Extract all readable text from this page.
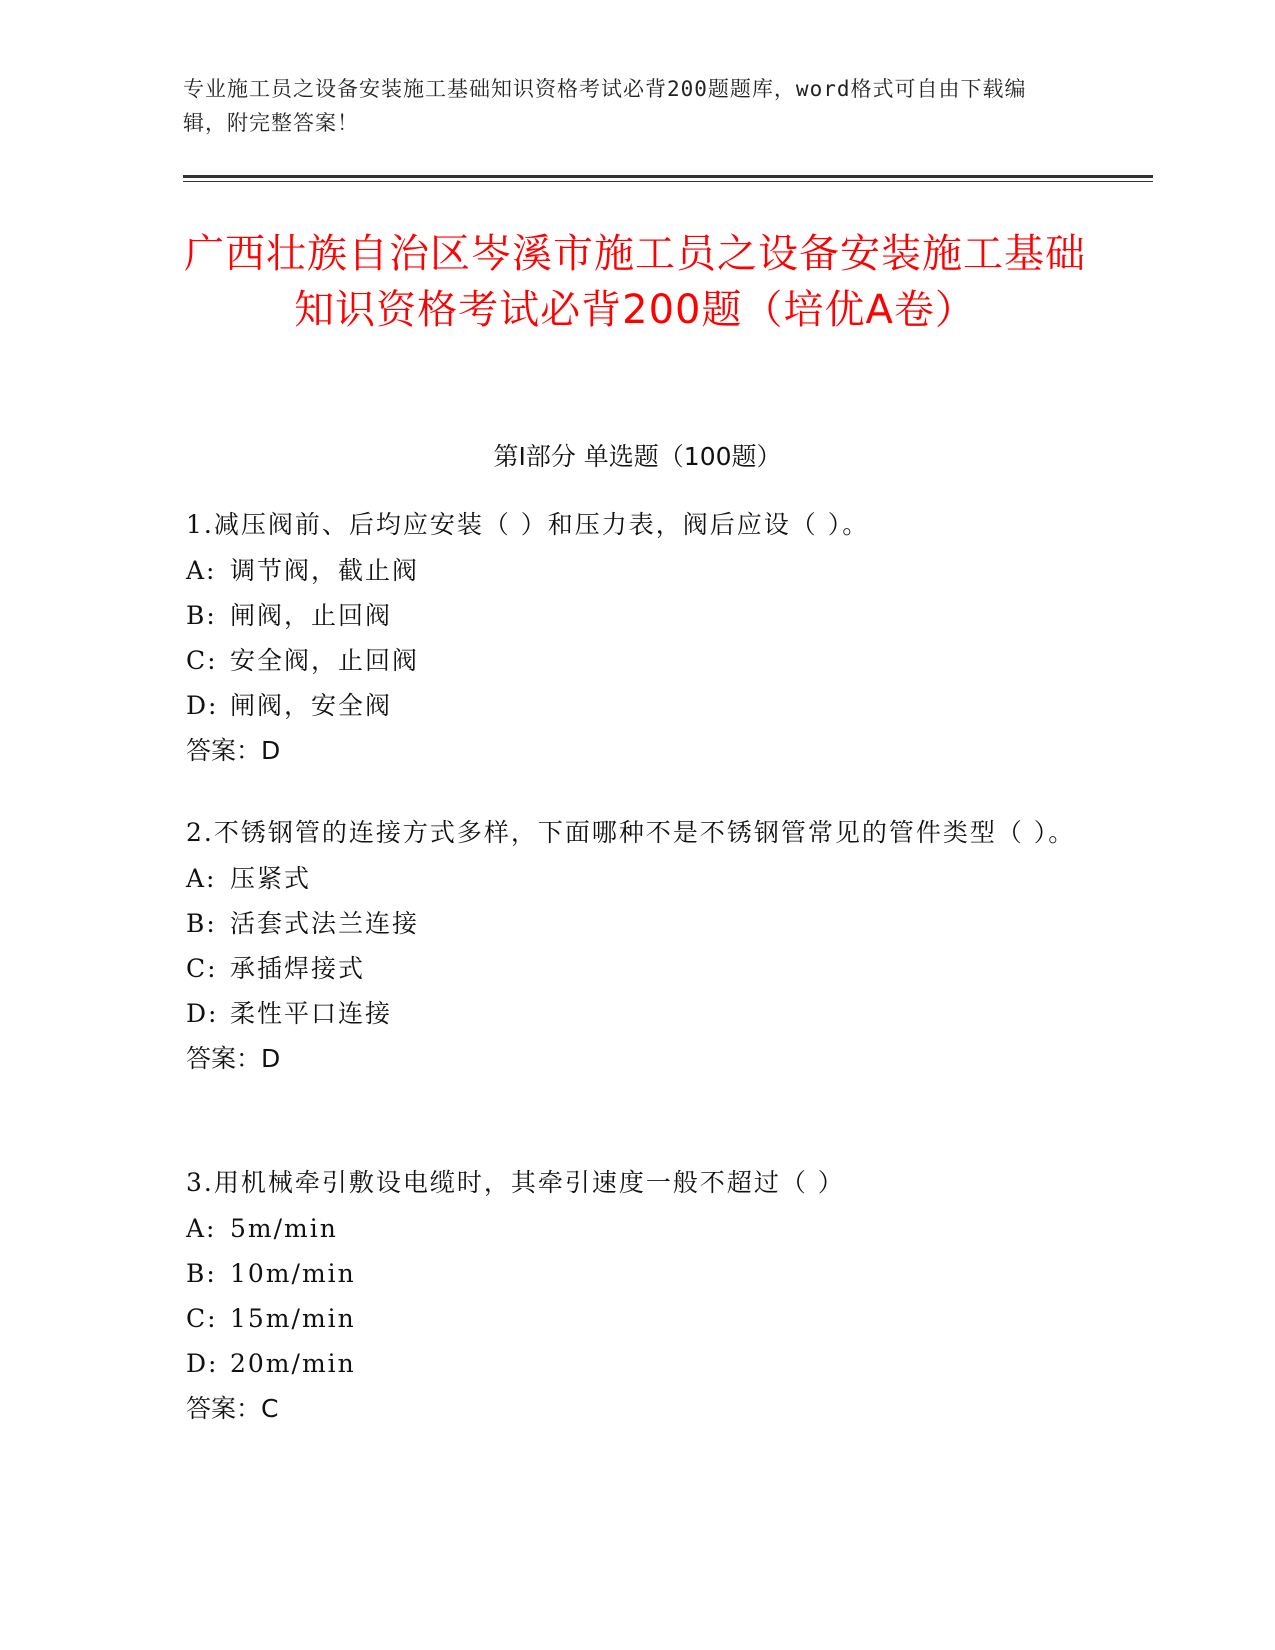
专业施工员之设备安装施工基础知识资格考试必背200题题库，word格式可自由下载编辑，附完整答案！
广西壮族自治区岑溪市施工员之设备安装施工基础知识资格考试必背200题（培优A卷）
第Ⅰ部分 单选题（100题）
1.减压阀前、后均应安装（ ）和压力表，阀后应设（ ）。
A: 调节阀，截止阀
B: 闸阀，止回阀
C: 安全阀，止回阀
D: 闸阀，安全阀
答案：D
2.不锈钢管的连接方式多样，下面哪种不是不锈钢管常见的管件类型（ ）。
A: 压紧式
B: 活套式法兰连接
C: 承插焊接式
D: 柔性平口连接
答案：D
3.用机械牵引敷设电缆时，其牵引速度一般不超过（ ）
A: 5m/min
B: 10m/min
C: 15m/min
D: 20m/min
答案：C
